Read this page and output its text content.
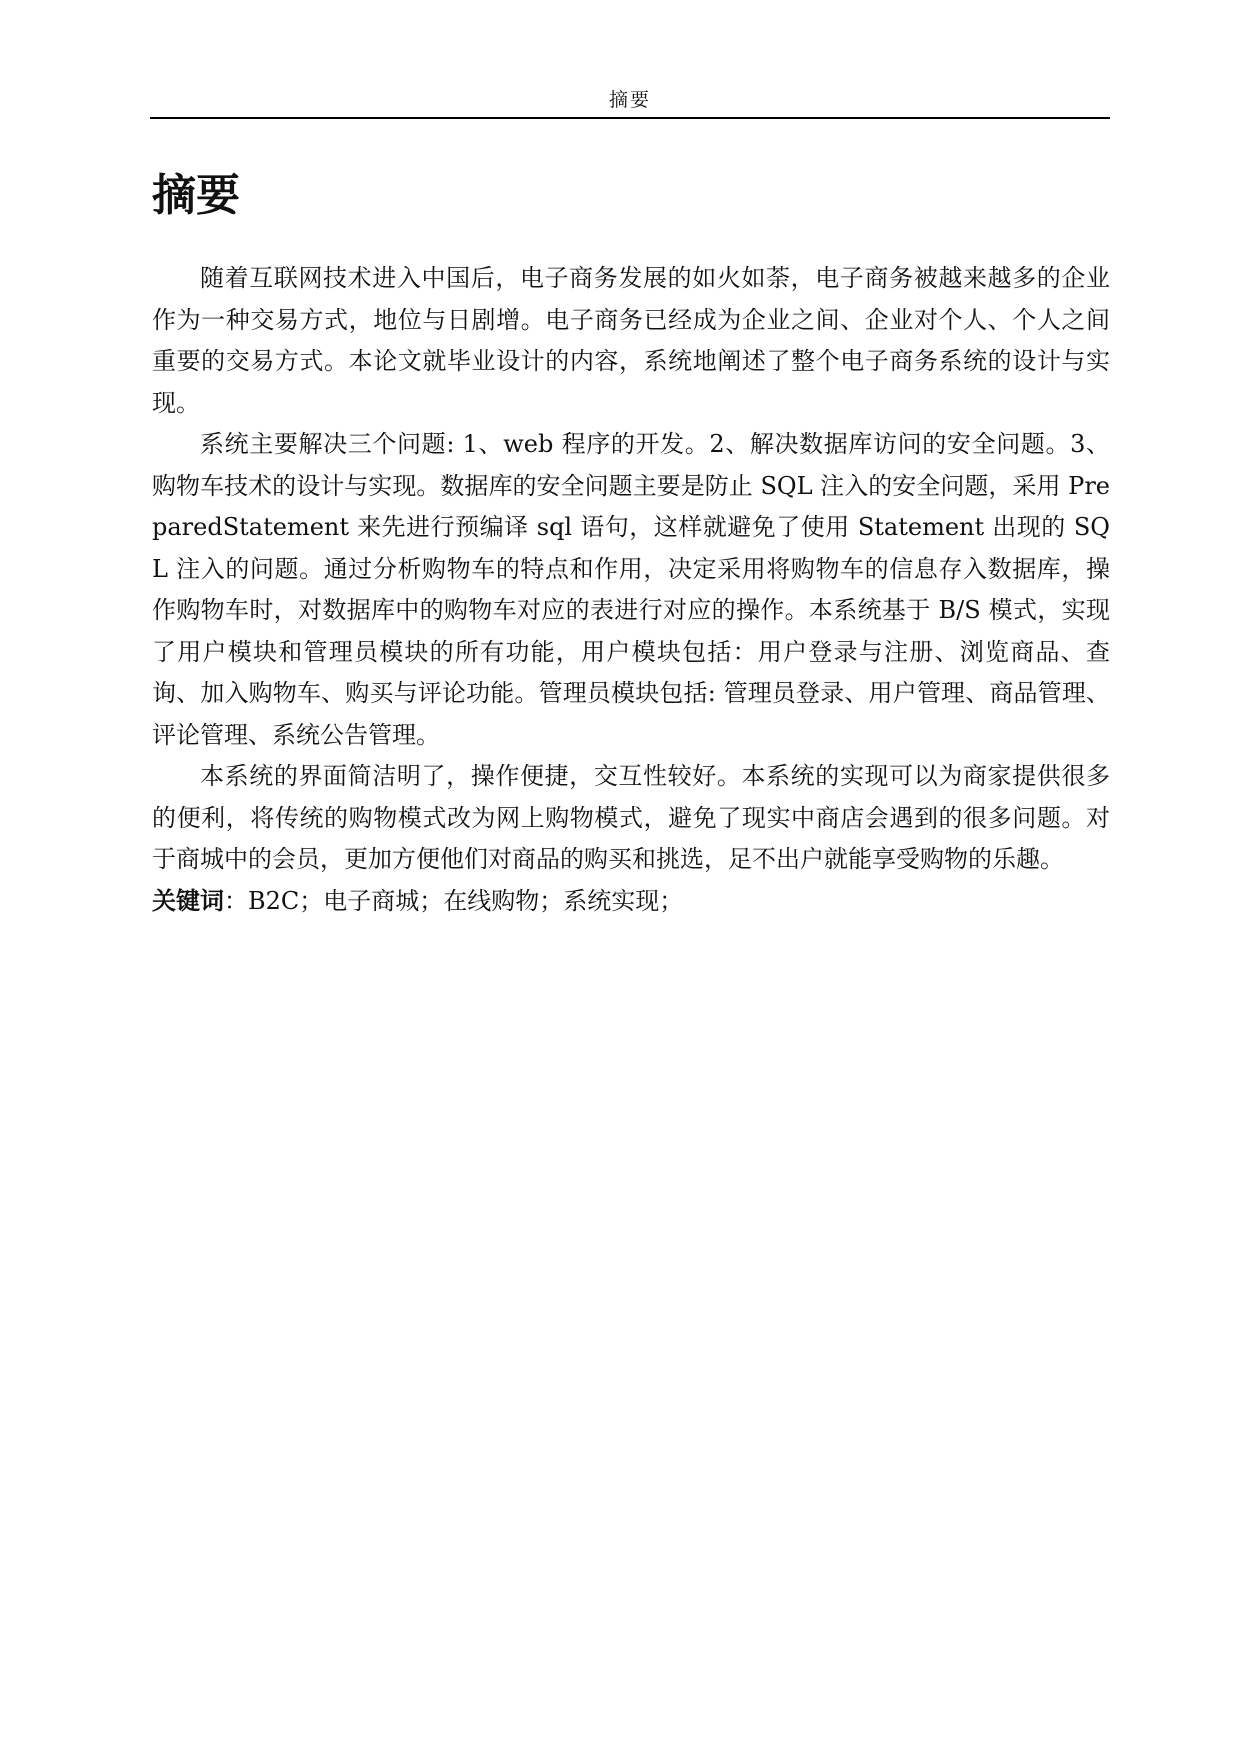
摘要
摘要

随着互联网技术进入中国后，电子商务发展的如火如荼，电子商务被越来越多的企业作为一种交易方式，地位与日剧增。电子商务已经成为企业之间、企业对个人、个人之间重要的交易方式。本论文就毕业设计的内容，系统地阐述了整个电子商务系统的设计与实现。

系统主要解决三个问题: 1、web 程序的开发。2、解决数据库访问的安全问题。3、购物车技术的设计与实现。数据库的安全问题主要是防止 SQL 注入的安全问题，采用 PreparedStatement 来先进行预编译 sql 语句，这样就避免了使用 Statement 出现的 SQL 注入的问题。通过分析购物车的特点和作用，决定采用将购物车的信息存入数据库，操作购物车时，对数据库中的购物车对应的表进行对应的操作。本系统基于 B/S 模式，实现了用户模块和管理员模块的所有功能，用户模块包括：用户登录与注册、浏览商品、查询、加入购物车、购买与评论功能。管理员模块包括: 管理员登录、用户管理、商品管理、评论管理、系统公告管理。

本系统的界面简洁明了，操作便捷，交互性较好。本系统的实现可以为商家提供很多的便利，将传统的购物模式改为网上购物模式，避免了现实中商店会遇到的很多问题。对于商城中的会员，更加方便他们对商品的购买和挑选，足不出户就能享受购物的乐趣。

关键词：B2C；电子商城；在线购物；系统实现；
